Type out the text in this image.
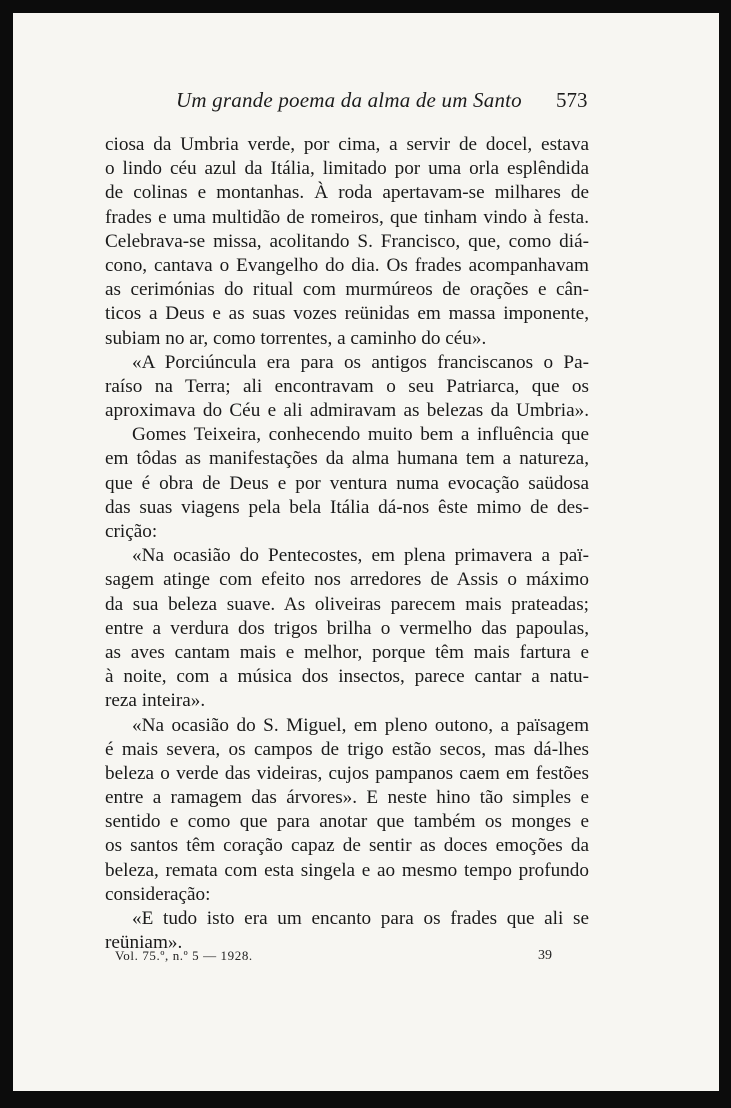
Um grande poema da alma de um Santo 573
ciosa da Umbria verde, por cima, a servir de docel, estava
o lindo céu azul da Itália, limitado por uma orla esplêndida
de colinas e montanhas. À roda apertavam-se milhares de
frades e uma multidão de romeiros, que tinham vindo à festa.
Celebrava-se missa, acolitando S. Francisco, que, como diá-
cono, cantava o Evangelho do dia. Os frades acompanhavam
as cerimónias do ritual com murmúreos de orações e cân-
ticos a Deus e as suas vozes reünidas em massa imponente,
subiam no ar, como torrentes, a caminho do céu».
«A Porciúncula era para os antigos franciscanos o Pa-
raíso na Terra; ali encontravam o seu Patriarca, que os
aproximava do Céu e ali admiravam as belezas da Umbria».
Gomes Teixeira, conhecendo muito bem a influência que
em tôdas as manifestações da alma humana tem a natureza,
que é obra de Deus e por ventura numa evocação saüdosa
das suas viagens pela bela Itália dá-nos êste mimo de des-
crição:
«Na ocasião do Pentecostes, em plena primavera a paï-
sagem atinge com efeito nos arredores de Assis o máximo
da sua beleza suave. As oliveiras parecem mais prateadas;
entre a verdura dos trigos brilha o vermelho das papoulas,
as aves cantam mais e melhor, porque têm mais fartura e
à noite, com a música dos insectos, parece cantar a natu-
reza inteira».
«Na ocasião do S. Miguel, em pleno outono, a païsagem
é mais severa, os campos de trigo estão secos, mas dá-lhes
beleza o verde das videiras, cujos pampanos caem em festões
entre a ramagem das árvores». E neste hino tão simples e
sentido e como que para anotar que também os monges e
os santos têm coração capaz de sentir as doces emoções da
beleza, remata com esta singela e ao mesmo tempo profundo
consideração:
«E tudo isto era um encanto para os frades que ali se
reüniam».
Vol. 75.º, n.º 5 — 1928.	39
